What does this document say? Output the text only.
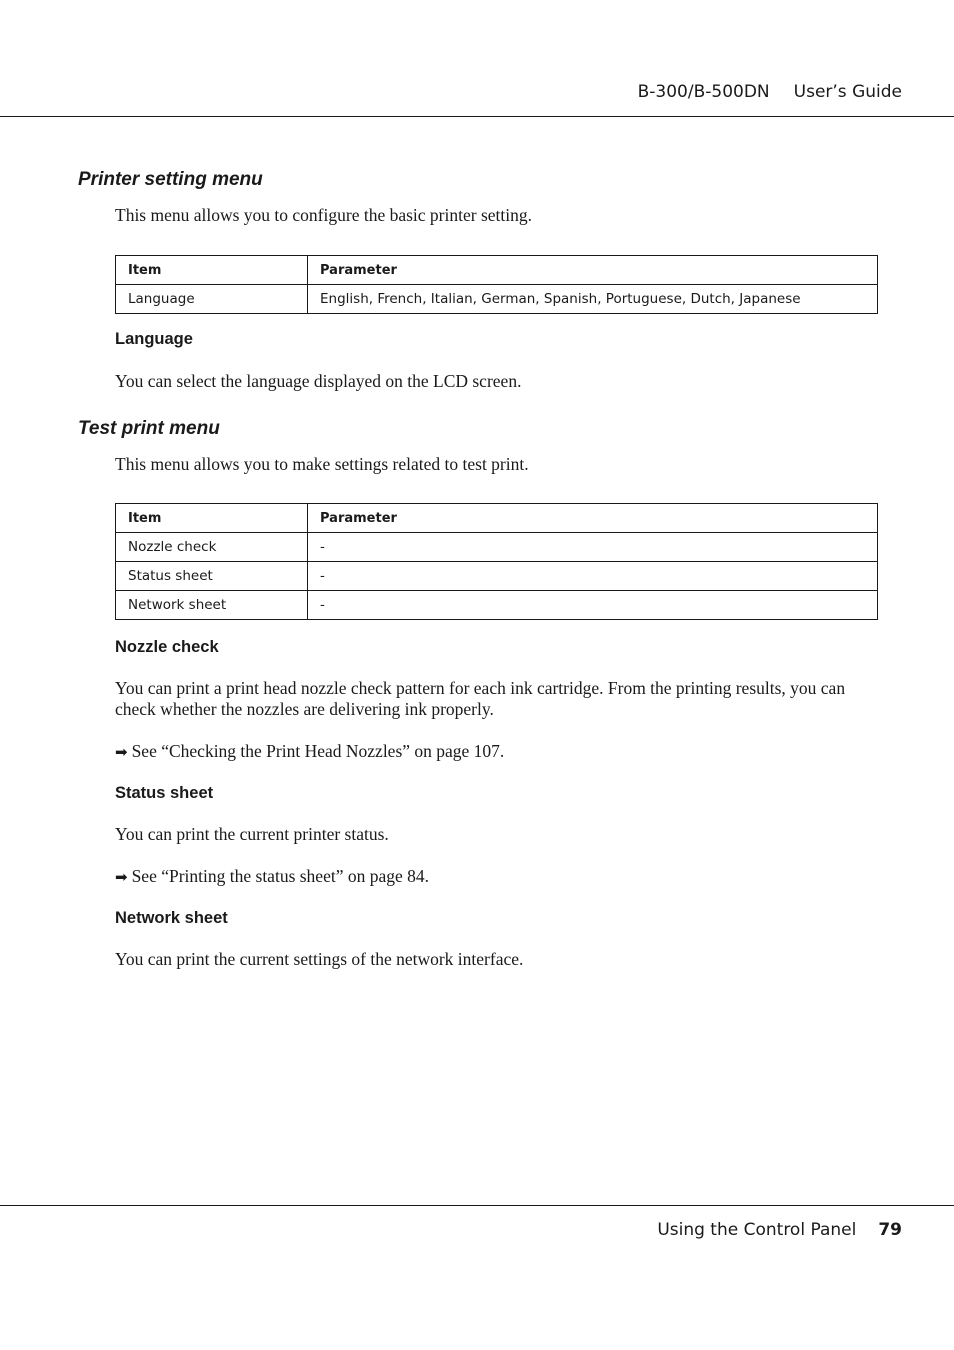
B-300/B-500DN User’s Guide
Printer setting menu
This menu allows you to configure the basic printer setting.
Item	Parameter
Language	English, French, Italian, German, Spanish, Portuguese, Dutch, Japanese
Language
You can select the language displayed on the LCD screen.
Test print menu
This menu allows you to make settings related to test print.
Item	Parameter
Nozzle check	-
Status sheet	-
Network sheet	-
Nozzle check
You can print a print head nozzle check pattern for each ink cartridge. From the printing results, you can check whether the nozzles are delivering ink properly.
➡ See “Checking the Print Head Nozzles” on page 107.
Status sheet
You can print the current printer status.
➡ See “Printing the status sheet” on page 84.
Network sheet
You can print the current settings of the network interface.
Using the Control Panel 79
